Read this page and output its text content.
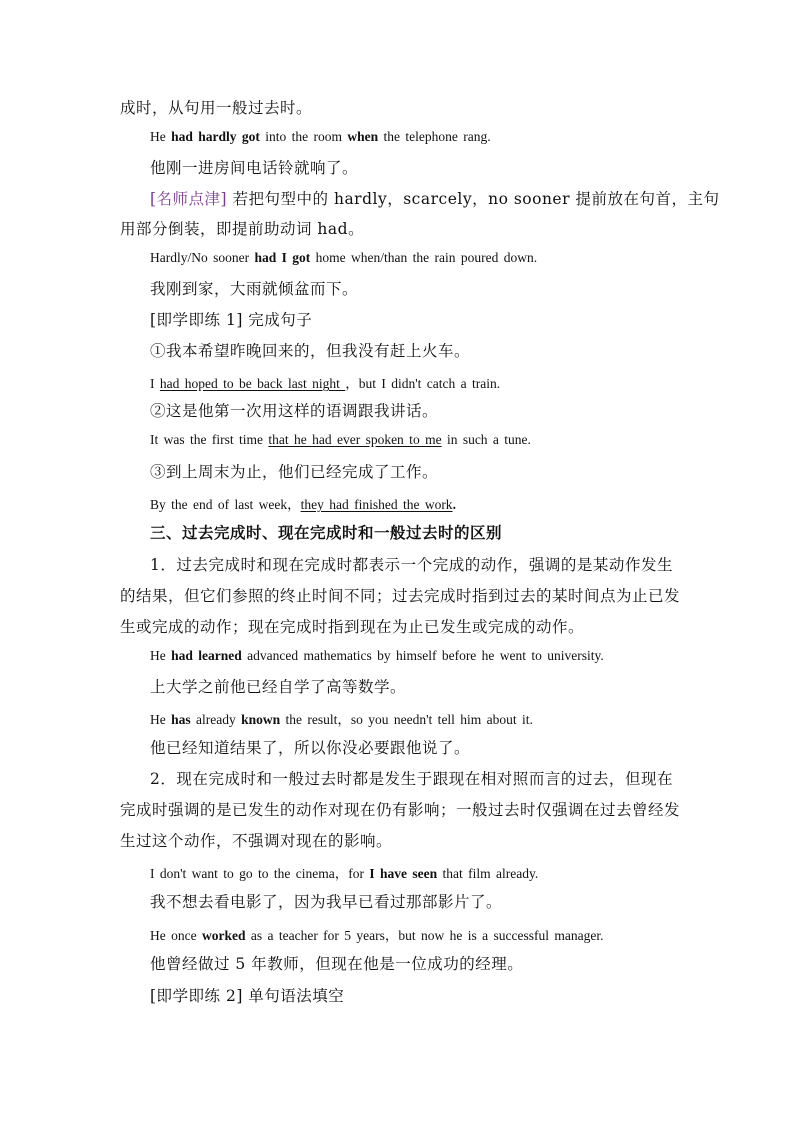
成时，从句用一般过去时。
He had hardly got into the room when the telephone rang.
他刚一进房间电话铃就响了。
[名师点津] 若把句型中的 hardly，scarcely，no sooner 提前放在句首，主句
用部分倒装，即提前助动词 had。
Hardly/No sooner had I got home when/than the rain poured down.
我刚到家，大雨就倾盆而下。
[即学即练 1] 完成句子
①我本希望昨晚回来的，但我没有赶上火车。
I had hoped to be back last night ，but I didn't catch a train.
②这是他第一次用这样的语调跟我讲话。
It was the first time that he had ever spoken to me in such a tune.
③到上周末为止，他们已经完成了工作。
By the end of last week，they had finished the work.
三、过去完成时、现在完成时和一般过去时的区别
1．过去完成时和现在完成时都表示一个完成的动作，强调的是某动作发生
的结果，但它们参照的终止时间不同；过去完成时指到过去的某时间点为止已发
生或完成的动作；现在完成时指到现在为止已发生或完成的动作。
He had learned advanced mathematics by himself before he went to university.
上大学之前他已经自学了高等数学。
He has already known the result，so you needn't tell him about it.
他已经知道结果了，所以你没必要跟他说了。
2．现在完成时和一般过去时都是发生于跟现在相对照而言的过去，但现在
完成时强调的是已发生的动作对现在仍有影响；一般过去时仅强调在过去曾经发
生过这个动作，不强调对现在的影响。
I don't want to go to the cinema，for I have seen that film already.
我不想去看电影了，因为我早已看过那部影片了。
He once worked as a teacher for 5 years，but now he is a successful manager.
他曾经做过 5 年教师，但现在他是一位成功的经理。
[即学即练 2] 单句语法填空
